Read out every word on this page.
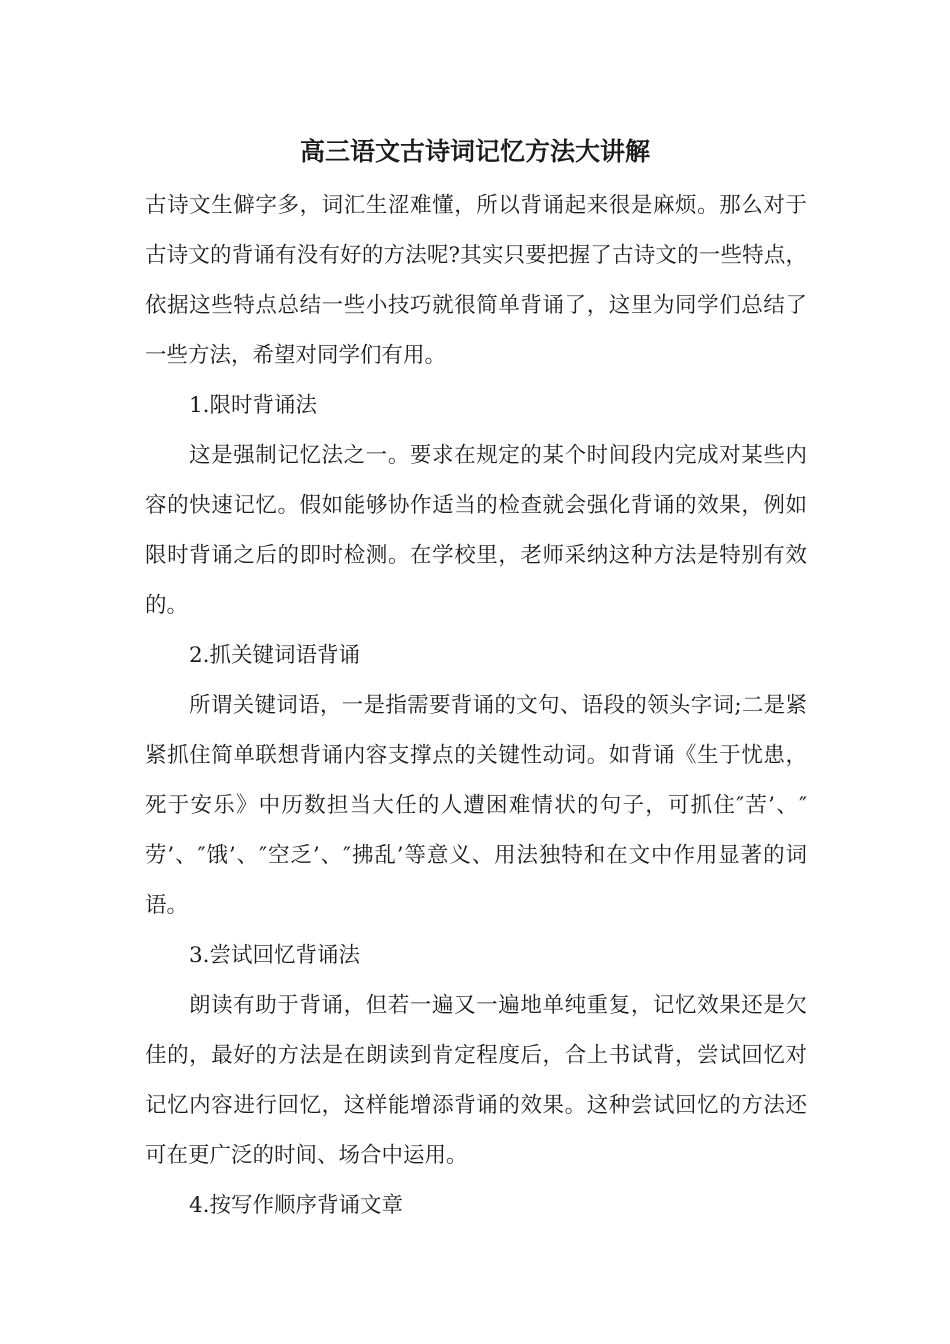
高三语文古诗词记忆方法大讲解

古诗文生僻字多，词汇生涩难懂，所以背诵起来很是麻烦。那么对于古诗文的背诵有没有好的方法呢?其实只要把握了古诗文的一些特点，依据这些特点总结一些小技巧就很简单背诵了，这里为同学们总结了一些方法，希望对同学们有用。

1.限时背诵法

这是强制记忆法之一。要求在规定的某个时间段内完成对某些内容的快速记忆。假如能够协作适当的检查就会强化背诵的效果，例如限时背诵之后的即时检测。在学校里，老师采纳这种方法是特别有效的。

2.抓关键词语背诵

所谓关键词语，一是指需要背诵的文句、语段的领头字词;二是紧紧抓住简单联想背诵内容支撑点的关键性动词。如背诵《生于忧患，死于安乐》中历数担当大任的人遭困难情状的句子，可抓住″苦’、″劳’、″饿’、″空乏’、″拂乱’等意义、用法独特和在文中作用显著的词语。

3.尝试回忆背诵法

朗读有助于背诵，但若一遍又一遍地单纯重复，记忆效果还是欠佳的，最好的方法是在朗读到肯定程度后，合上书试背，尝试回忆对记忆内容进行回忆，这样能增添背诵的效果。这种尝试回忆的方法还可在更广泛的时间、场合中运用。

4.按写作顺序背诵文章
